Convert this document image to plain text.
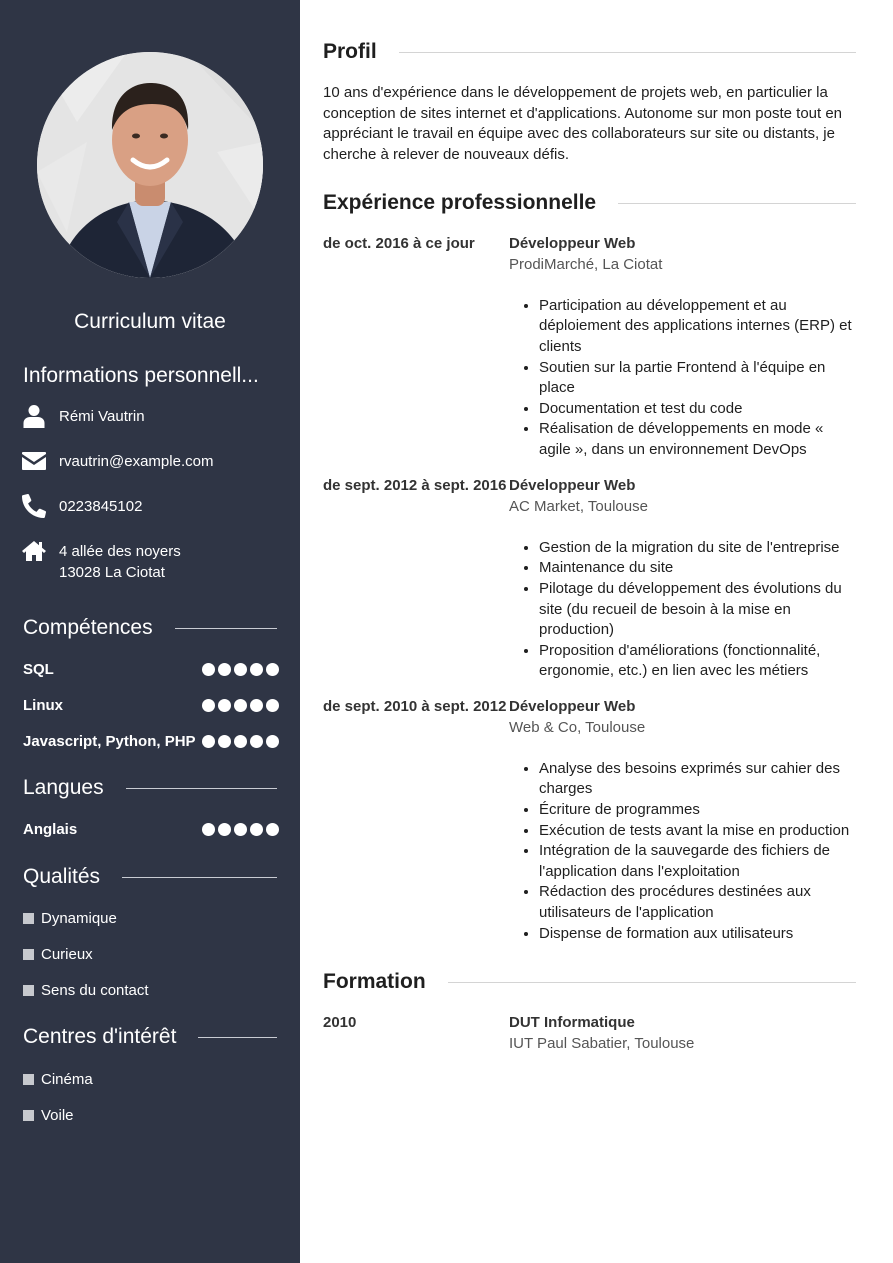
Curriculum vitae
Informations personnell...
Rémi Vautrin
rvautrin@example.com
0223845102
4 allée des noyers
13028 La Ciotat
Compétences
SQL
Linux
Javascript, Python, PHP
Langues
Anglais
Qualités
Dynamique
Curieux
Sens du contact
Centres d'intérêt
Cinéma
Voile
Profil

10 ans d'expérience dans le développement de projets web, en particulier la conception de sites internet et d'applications. Autonome sur mon poste tout en appréciant le travail en équipe avec des collaborateurs sur site ou distants, je cherche à relever de nouveaux défis.

Expérience professionnelle
de oct. 2016 à ce jour	Développeur Web
ProdiMarché, La Ciotat
• Participation au développement et au déploiement des applications internes (ERP) et clients
• Soutien sur la partie Frontend à l'équipe en place
• Documentation et test du code
• Réalisation de développements en mode « agile », dans un environnement DevOps
de sept. 2012 à sept. 2016 Développeur Web
AC Market, Toulouse
• Gestion de la migration du site de l'entreprise
• Maintenance du site
• Pilotage du développement des évolutions du site (du recueil de besoin à la mise en production)
• Proposition d'améliorations (fonctionnalité, ergonomie, etc.) en lien avec les métiers
de sept. 2010 à sept. 2012 Développeur Web
Web & Co, Toulouse
• Analyse des besoins exprimés sur cahier des charges
• Écriture de programmes
• Exécution de tests avant la mise en production
• Intégration de la sauvegarde des fichiers de l'application dans l'exploitation
• Rédaction des procédures destinées aux utilisateurs de l'application
• Dispense de formation aux utilisateurs
Formation
2010	DUT Informatique
IUT Paul Sabatier, Toulouse
